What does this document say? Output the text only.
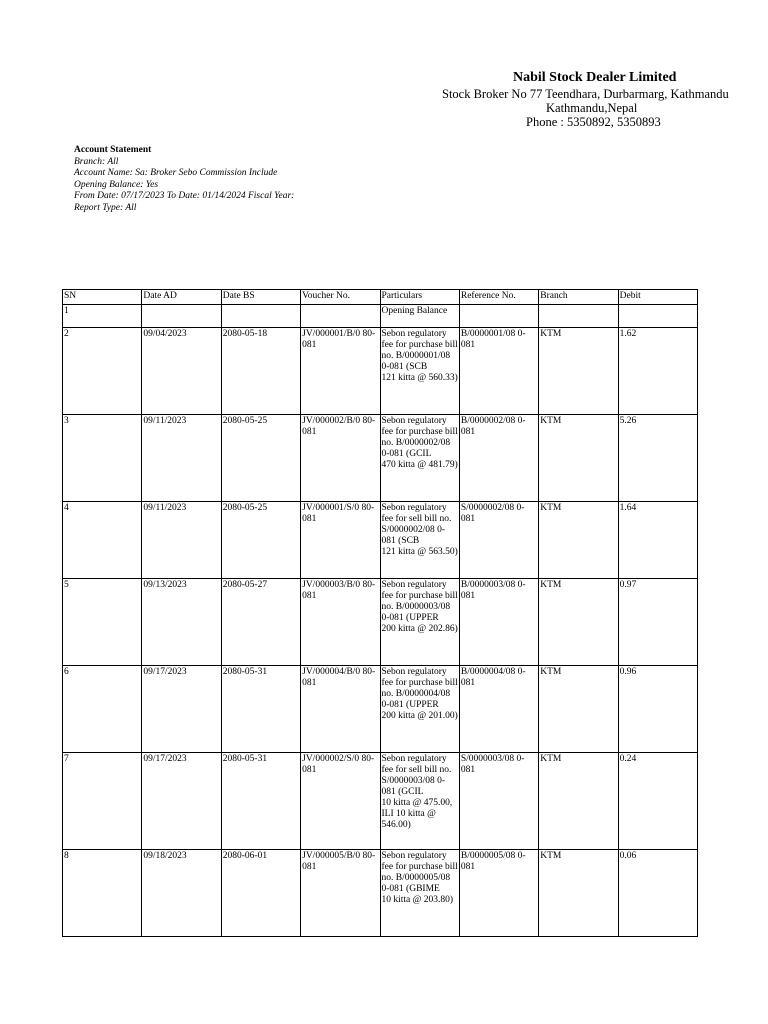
Nabil Stock Dealer Limited
Stock Broker No 77 Teendhara, Durbarmarg, Kathmandu
Kathmandu,Nepal
Phone : 5350892, 5350893
Account Statement
Branch: All
Account Name: Sa: Broker Sebo Commission Include
Opening Balance: Yes
From Date: 07/17/2023 To Date: 01/14/2024 Fiscal Year:
Report Type: All
SN	Date AD	Date BS	Voucher No.	Particulars	Reference No.	Branch	Debit
1				Opening Balance			
2	09/04/2023	2080-05-18	JV/000001/B/0 80-081	Sebon regulatory fee for purchase bill no. B/0000001/08 0-081 (SCB
121 kitta @ 560.33)	B/0000001/08 0-081	KTM	1.62
3	09/11/2023	2080-05-25	JV/000002/B/0 80-081	Sebon regulatory fee for purchase bill no. B/0000002/08 0-081 (GCIL
470 kitta @ 481.79)	B/0000002/08 0-081	KTM	5.26
4	09/11/2023	2080-05-25	JV/000001/S/0 80-081	Sebon regulatory fee for sell bill no. S/0000002/08 0-081 (SCB
121 kitta @ 563.50)	S/0000002/08 0-081	KTM	1.64
5	09/13/2023	2080-05-27	JV/000003/B/0 80-081	Sebon regulatory fee for purchase bill no. B/0000003/08 0-081 (UPPER
200 kitta @ 202.86)	B/0000003/08 0-081	KTM	0.97
6	09/17/2023	2080-05-31	JV/000004/B/0 80-081	Sebon regulatory fee for purchase bill no. B/0000004/08 0-081 (UPPER
200 kitta @ 201.00)	B/0000004/08 0-081	KTM	0.96
7	09/17/2023	2080-05-31	JV/000002/S/0 80-081	Sebon regulatory fee for sell bill no. S/0000003/08 0-081 (GCIL
10 kitta @ 475.00, ILI 10 kitta @ 546.00)	S/0000003/08 0-081	KTM	0.24
8	09/18/2023	2080-06-01	JV/000005/B/0 80-081	Sebon regulatory fee for purchase bill no. B/0000005/08 0-081 (GBIME
10 kitta @ 203.80)	B/0000005/08 0-081	KTM	0.06
